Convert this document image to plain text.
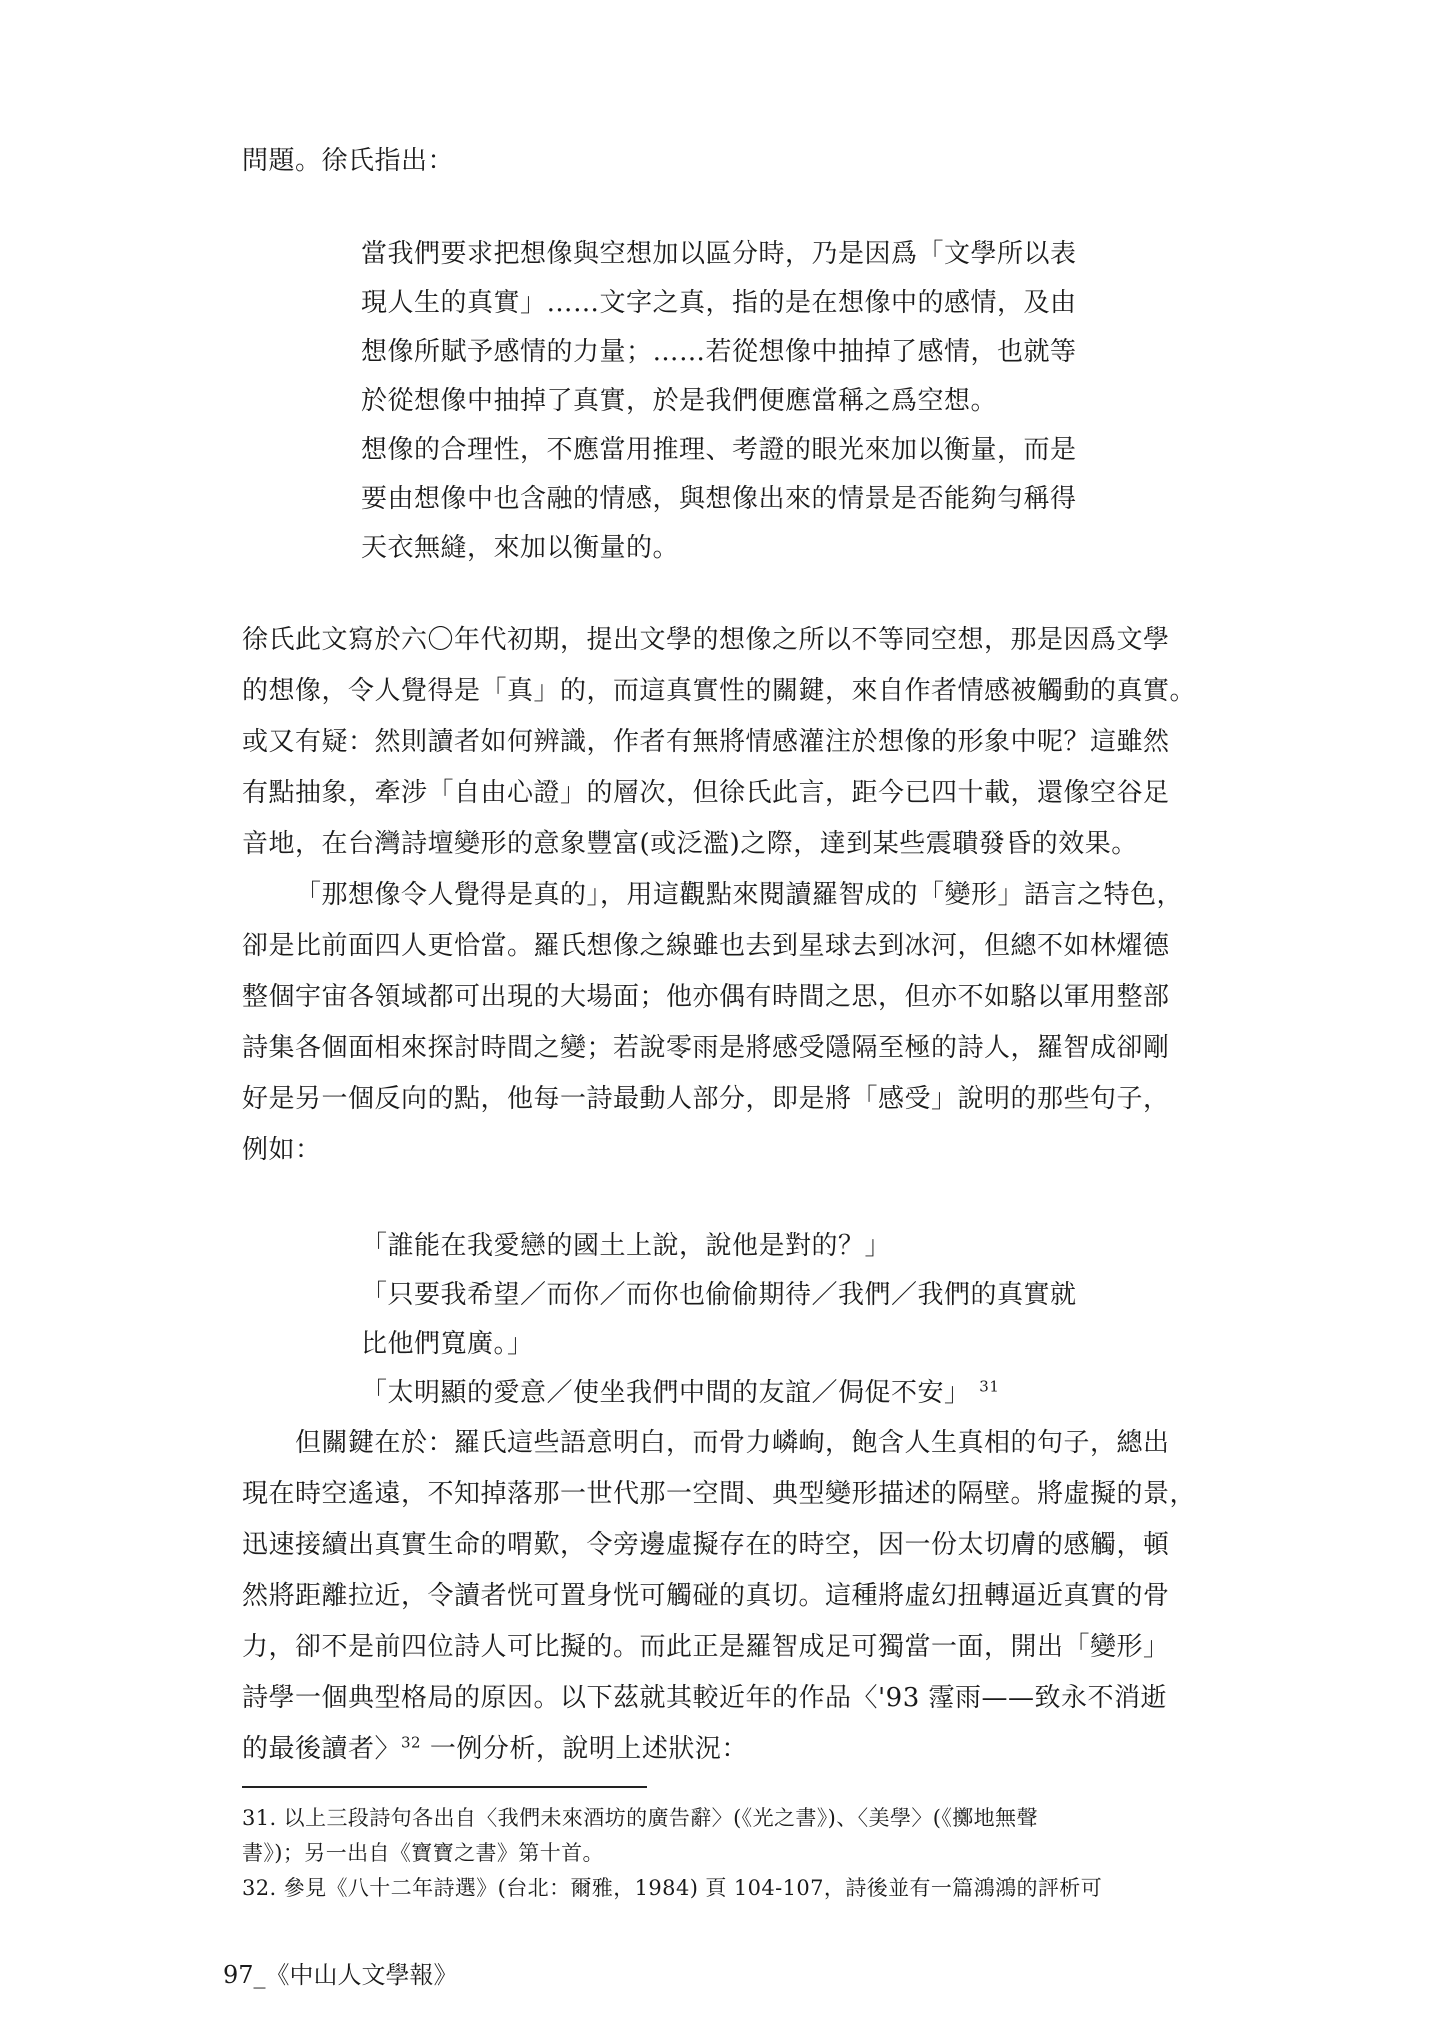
問題。徐氏指出：
當我們要求把想像與空想加以區分時，乃是因爲「文學所以表
現人生的真實」……文字之真，指的是在想像中的感情，及由
想像所賦予感情的力量；……若從想像中抽掉了感情，也就等
於從想像中抽掉了真實，於是我們便應當稱之爲空想。
想像的合理性，不應當用推理、考證的眼光來加以衡量，而是
要由想像中也含融的情感，與想像出來的情景是否能夠勻稱得
天衣無縫，來加以衡量的。
徐氏此文寫於六〇年代初期，提出文學的想像之所以不等同空想，那是因爲文學
的想像，令人覺得是「真」的，而這真實性的關鍵，來自作者情感被觸動的真實。
或又有疑：然則讀者如何辨識，作者有無將情感灌注於想像的形象中呢？這雖然
有點抽象，牽涉「自由心證」的層次，但徐氏此言，距今已四十載，還像空谷足
音地，在台灣詩壇變形的意象豐富(或泛濫)之際，達到某些震聵發昏的效果。
「那想像令人覺得是真的」，用這觀點來閱讀羅智成的「變形」語言之特色，
卻是比前面四人更恰當。羅氏想像之線雖也去到星球去到冰河，但總不如林燿德
整個宇宙各領域都可出現的大場面；他亦偶有時間之思，但亦不如駱以軍用整部
詩集各個面相來探討時間之變；若說零雨是將感受隱隔至極的詩人，羅智成卻剛
好是另一個反向的點，他每一詩最動人部分，即是將「感受」說明的那些句子，
例如：
「誰能在我愛戀的國土上說，說他是對的？」
「只要我希望／而你／而你也偷偷期待／我們／我們的真實就
比他們寬廣。」
「太明顯的愛意／使坐我們中間的友誼／侷促不安」 $^{31}$
但關鍵在於：羅氏這些語意明白，而骨力嶙峋，飽含人生真相的句子，總出
現在時空遙遠，不知掉落那一世代那一空間、典型變形描述的隔壁。將虛擬的景，
迅速接續出真實生命的喟歎，令旁邊虛擬存在的時空，因一份太切膚的感觸，頓
然將距離拉近，令讀者恍可置身恍可觸碰的真切。這種將虛幻扭轉逼近真實的骨
力，卻不是前四位詩人可比擬的。而此正是羅智成足可獨當一面，開出「變形」
詩學一個典型格局的原因。以下茲就其較近年的作品〈'93 霪雨——致永不消逝
的最後讀者〉$^{32}$ 一例分析，說明上述狀況：
31. 以上三段詩句各出自〈我們未來酒坊的廣告辭〉(《光之書》)、〈美學〉(《擲地無聲
書》)；另一出自《寶寶之書》第十首。
32. 參見《八十二年詩選》(台北：爾雅，1984) 頁 104-107，詩後並有一篇鴻鴻的評析可
97_《中山人文學報》
